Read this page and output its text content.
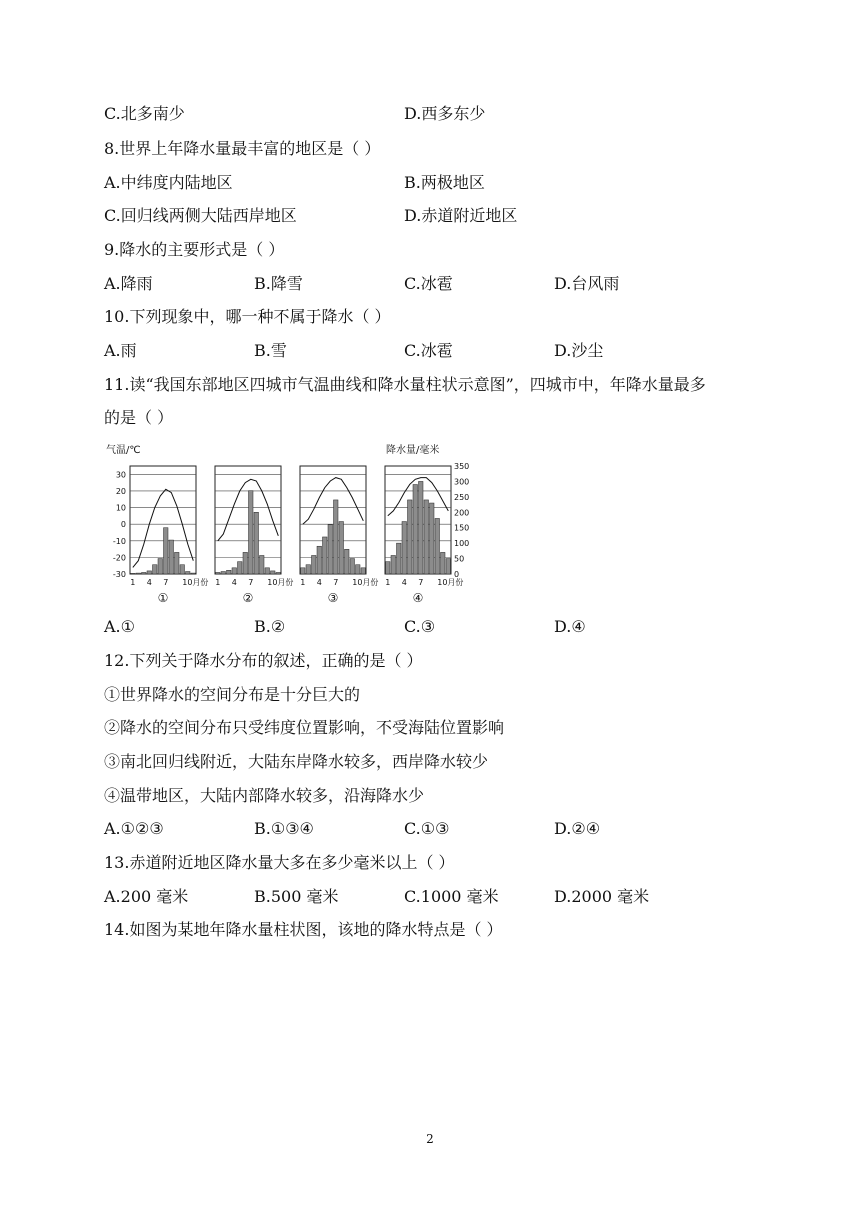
C.北多南少	D.西多东少
8.世界上年降水量最丰富的地区是（ ）
A.中纬度内陆地区	B.两极地区
C.回归线两侧大陆西岸地区	D.赤道附近地区
9.降水的主要形式是（ ）
A.降雨	B.降雪	C.冰雹	D.台风雨
10.下列现象中，哪一种不属于降水（ ）
A.雨	B.雪	C.冰雹	D.沙尘
11.读“我国东部地区四城市气温曲线和降水量柱状示意图”，四城市中，年降水量最多
的是（ ）
气温/℃	降水量/毫米
30
20
10
0
-10
-20
-30
350
300
250
200
150
100
50
0
1 4 7 10月份
①
1 4 7 10月份
②
1 4 7 10月份
③
1 4 7 10月份
④
A.①	B.②	C.③	D.④
12.下列关于降水分布的叙述，正确的是（ ）
①世界降水的空间分布是十分巨大的
②降水的空间分布只受纬度位置影响，不受海陆位置影响
③南北回归线附近，大陆东岸降水较多，西岸降水较少
④温带地区，大陆内部降水较多，沿海降水少
A.①②③	B.①③④	C.①③	D.②④
13.赤道附近地区降水量大多在多少毫米以上（ ）
A.200 毫米	B.500 毫米	C.1000 毫米	D.2000 毫米
14.如图为某地年降水量柱状图，该地的降水特点是（ ）
2
